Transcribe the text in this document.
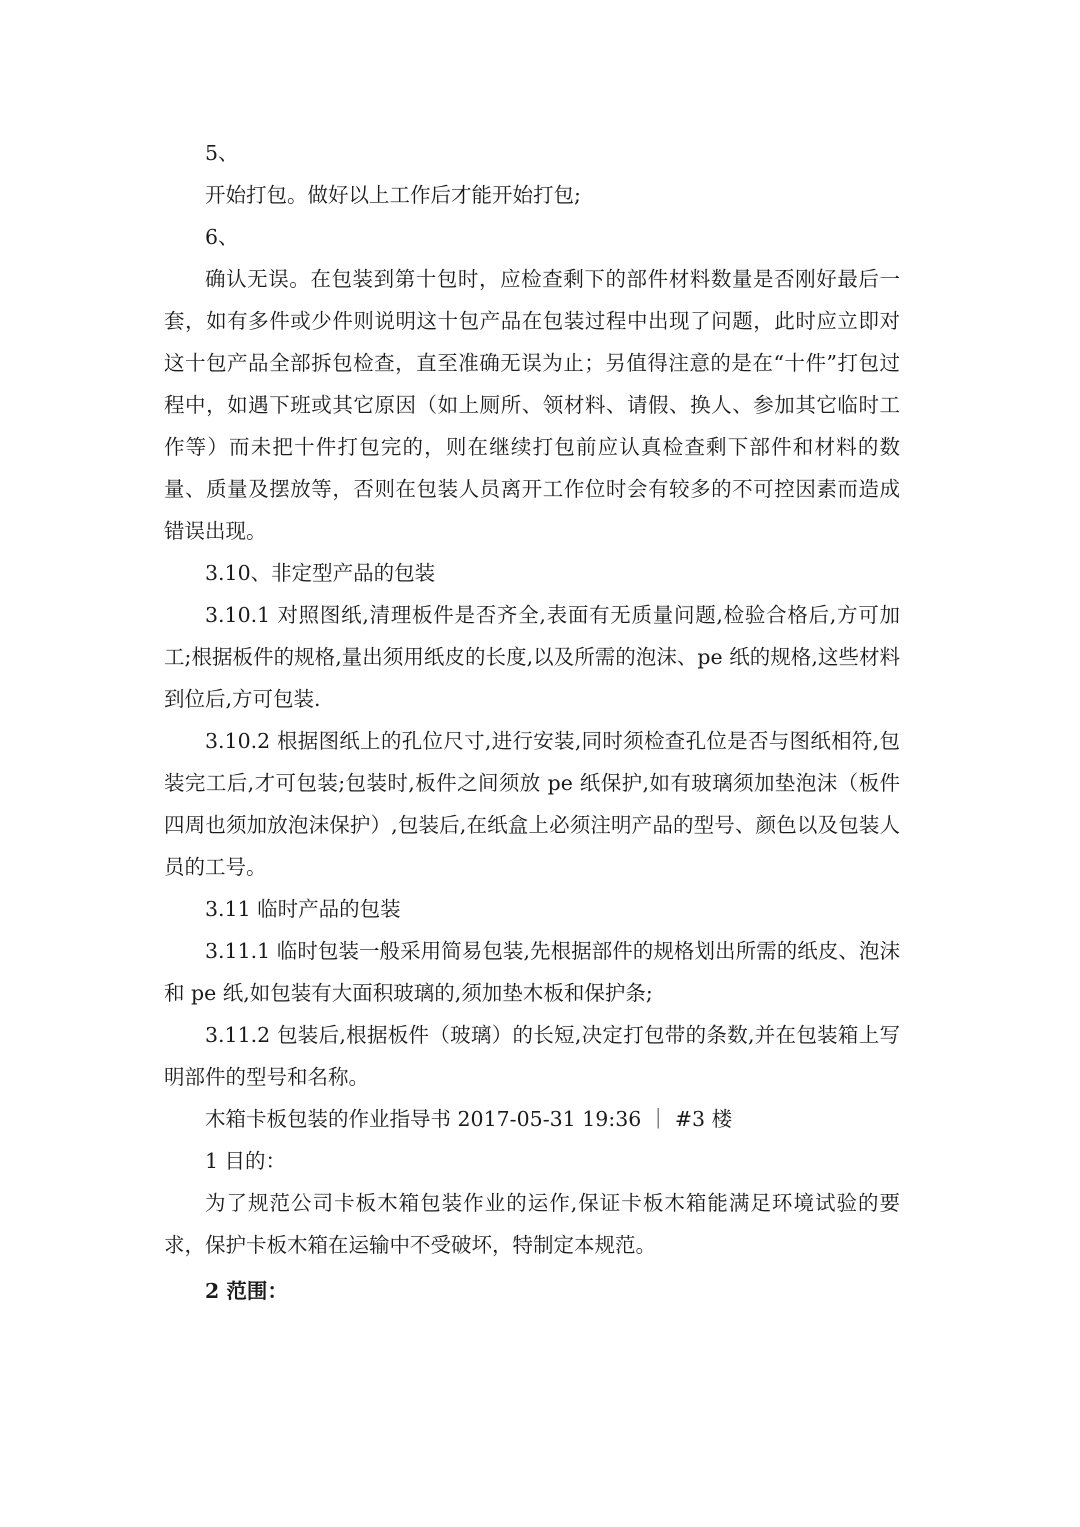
5、

开始打包。做好以上工作后才能开始打包;

6、

确认无误。在包装到第十包时，应检查剩下的部件材料数量是否刚好最后一套，如有多件或少件则说明这十包产品在包装过程中出现了问题，此时应立即对这十包产品全部拆包检查，直至准确无误为止；另值得注意的是在“十件”打包过程中，如遇下班或其它原因（如上厕所、领材料、请假、换人、参加其它临时工作等）而未把十件打包完的，则在继续打包前应认真检查剩下部件和材料的数量、质量及摆放等，否则在包装人员离开工作位时会有较多的不可控因素而造成错误出现。

3.10、非定型产品的包装

3.10.1 对照图纸,清理板件是否齐全,表面有无质量问题,检验合格后,方可加工;根据板件的规格,量出须用纸皮的长度,以及所需的泡沫、pe 纸的规格,这些材料到位后,方可包装.

3.10.2 根据图纸上的孔位尺寸,进行安装,同时须检查孔位是否与图纸相符,包装完工后,才可包装;包装时,板件之间须放 pe 纸保护,如有玻璃须加垫泡沫（板件四周也须加放泡沫保护）,包装后,在纸盒上必须注明产品的型号、颜色以及包装人员的工号。

3.11 临时产品的包装

3.11.1 临时包装一般采用简易包装,先根据部件的规格划出所需的纸皮、泡沫和 pe 纸,如包装有大面积玻璃的,须加垫木板和保护条;

3.11.2 包装后,根据板件（玻璃）的长短,决定打包带的条数,并在包装箱上写明部件的型号和名称。

木箱卡板包装的作业指导书 2017-05-31 19:36 ｜ #3 楼

1 目的：

为了规范公司卡板木箱包装作业的运作,保证卡板木箱能满足环境试验的要求，保护卡板木箱在运输中不受破坏，特制定本规范。

2 范围：
